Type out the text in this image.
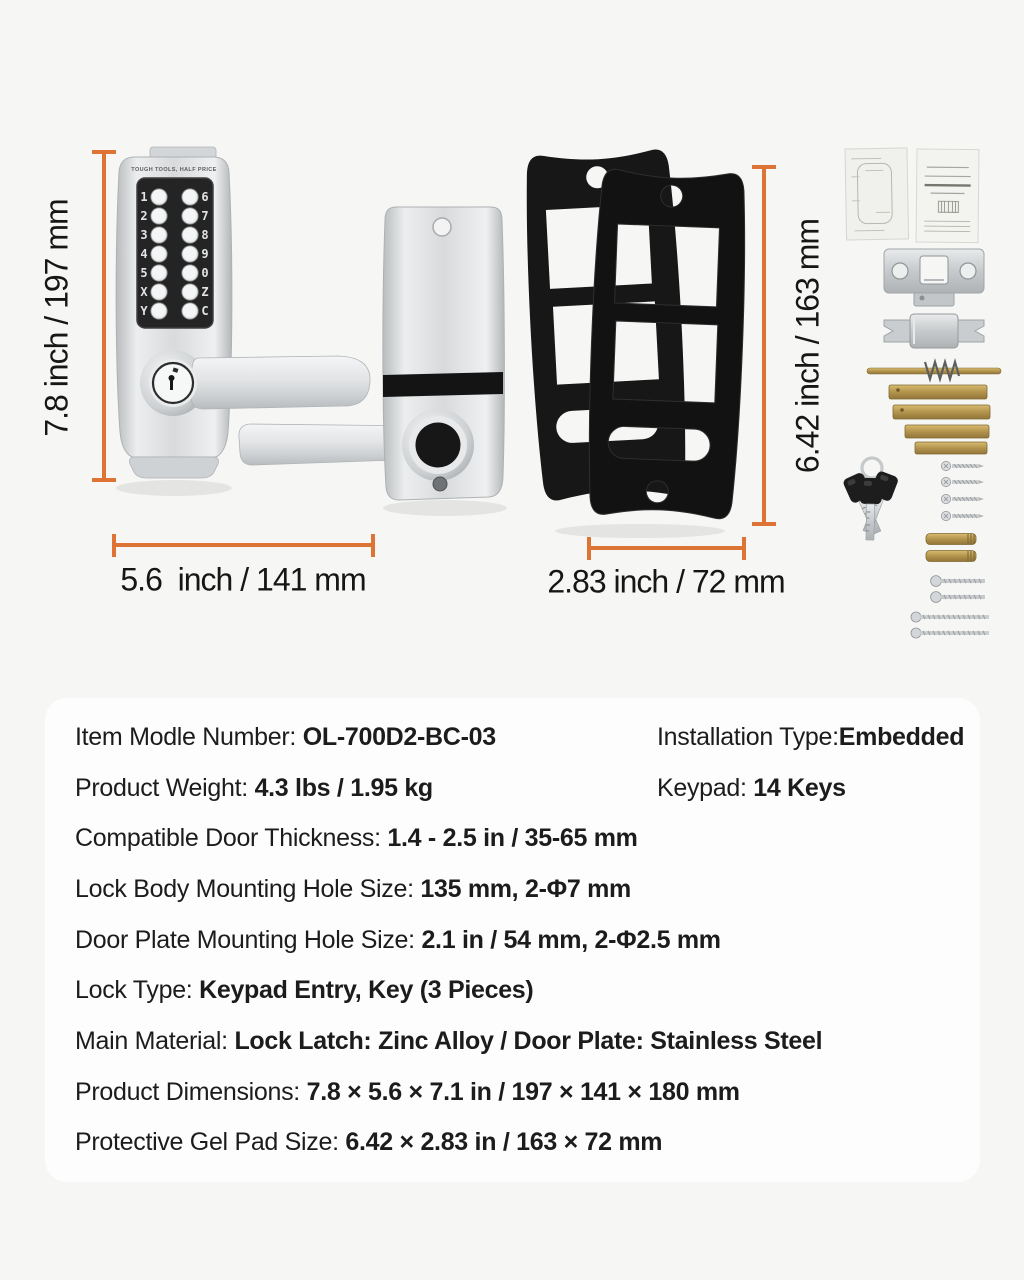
TOUGH TOOLS, HALF PRICE
1
2
3
4
5
X
Y
6
7
8
9
0
Z
C
7.8 inch / 197 mm
5.6  inch / 141 mm
6.42 inch / 163 mm
2.83 inch / 72 mm
Item Modle Number: OL-700D2-BC-03	Installation Type: Embedded
Product Weight: 4.3 lbs / 1.95 kg	Keypad: 14 Keys
Compatible Door Thickness: 1.4 - 2.5 in / 35-65 mm
Lock Body Mounting Hole Size: 135 mm, 2-Φ7 mm
Door Plate Mounting Hole Size: 2.1 in / 54 mm, 2-Φ2.5 mm
Lock Type: Keypad Entry, Key (3 Pieces)
Main Material: Lock Latch: Zinc Alloy / Door Plate: Stainless Steel
Product Dimensions: 7.8 × 5.6 × 7.1 in / 197 × 141 × 180 mm
Protective Gel Pad Size: 6.42 × 2.83 in / 163 × 72 mm
